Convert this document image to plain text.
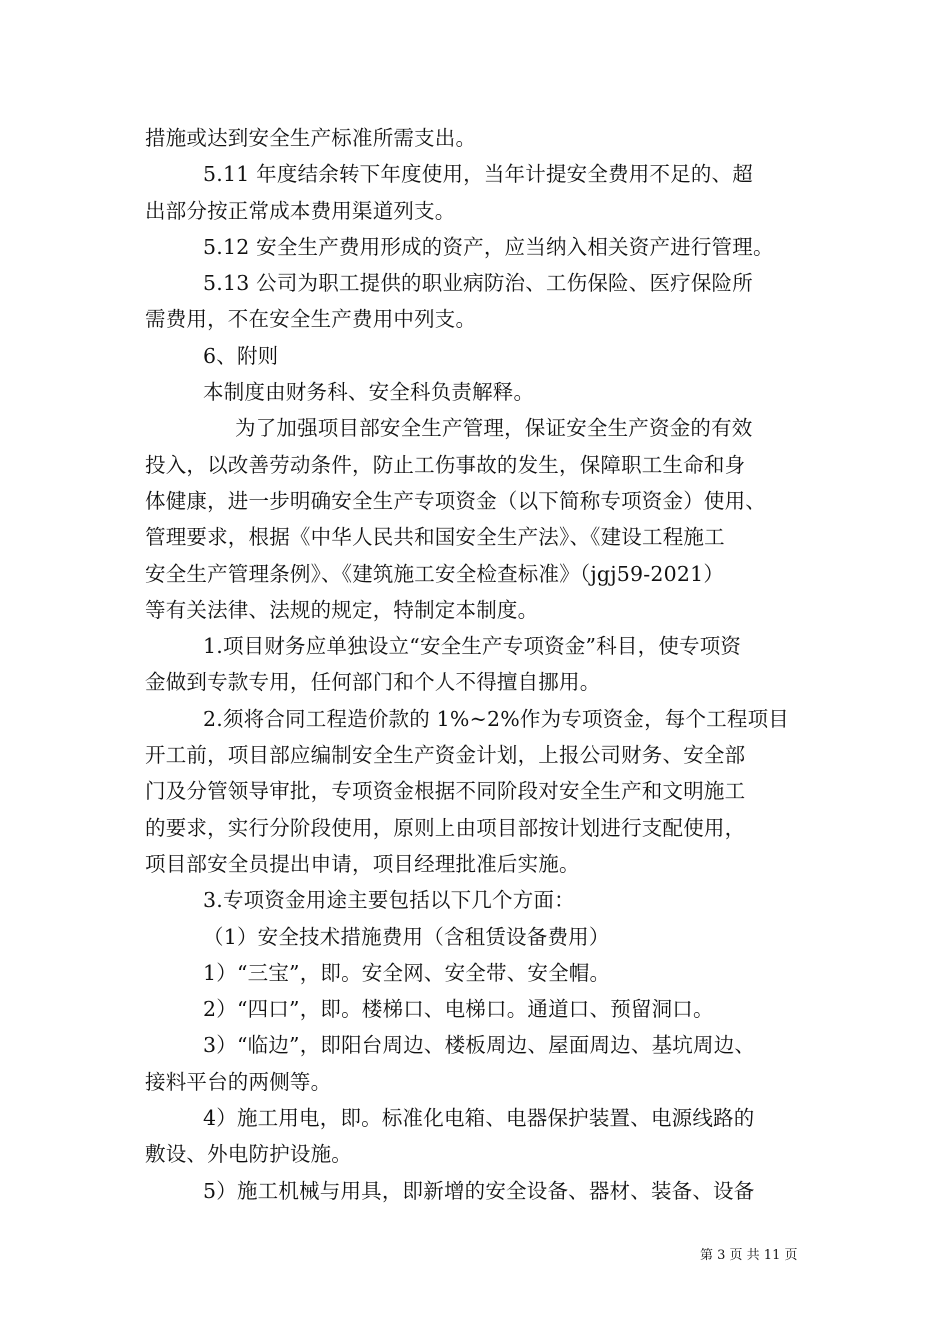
措施或达到安全生产标准所需支出。
5.11 年度结余转下年度使用，当年计提安全费用不足的、超
出部分按正常成本费用渠道列支。
5.12 安全生产费用形成的资产，应当纳入相关资产进行管理。
5.13 公司为职工提供的职业病防治、工伤保险、医疗保险所
需费用，不在安全生产费用中列支。
6、附则
本制度由财务科、安全科负责解释。
为了加强项目部安全生产管理，保证安全生产资金的有效
投入，以改善劳动条件，防止工伤事故的发生，保障职工生命和身
体健康，进一步明确安全生产专项资金（以下简称专项资金）使用、
管理要求，根据《中华人民共和国安全生产法》、《建设工程施工
安全生产管理条例》、《建筑施工安全检查标准》（jgj59-2021）
等有关法律、法规的规定，特制定本制度。
1.项目财务应单独设立“安全生产专项资金”科目，使专项资
金做到专款专用，任何部门和个人不得擅自挪用。
2.须将合同工程造价款的 1%~2%作为专项资金，每个工程项目
开工前，项目部应编制安全生产资金计划，上报公司财务、安全部
门及分管领导审批，专项资金根据不同阶段对安全生产和文明施工
的要求，实行分阶段使用，原则上由项目部按计划进行支配使用，
项目部安全员提出申请，项目经理批准后实施。
3.专项资金用途主要包括以下几个方面：
（1）安全技术措施费用（含租赁设备费用）
1）“三宝”，即。安全网、安全带、安全帽。
2）“四口”，即。楼梯口、电梯口。通道口、预留洞口。
3）“临边”，即阳台周边、楼板周边、屋面周边、基坑周边、
接料平台的两侧等。
4）施工用电，即。标准化电箱、电器保护装置、电源线路的
敷设、外电防护设施。
5）施工机械与用具，即新增的安全设备、器材、装备、设备
第 3 页 共 11 页
